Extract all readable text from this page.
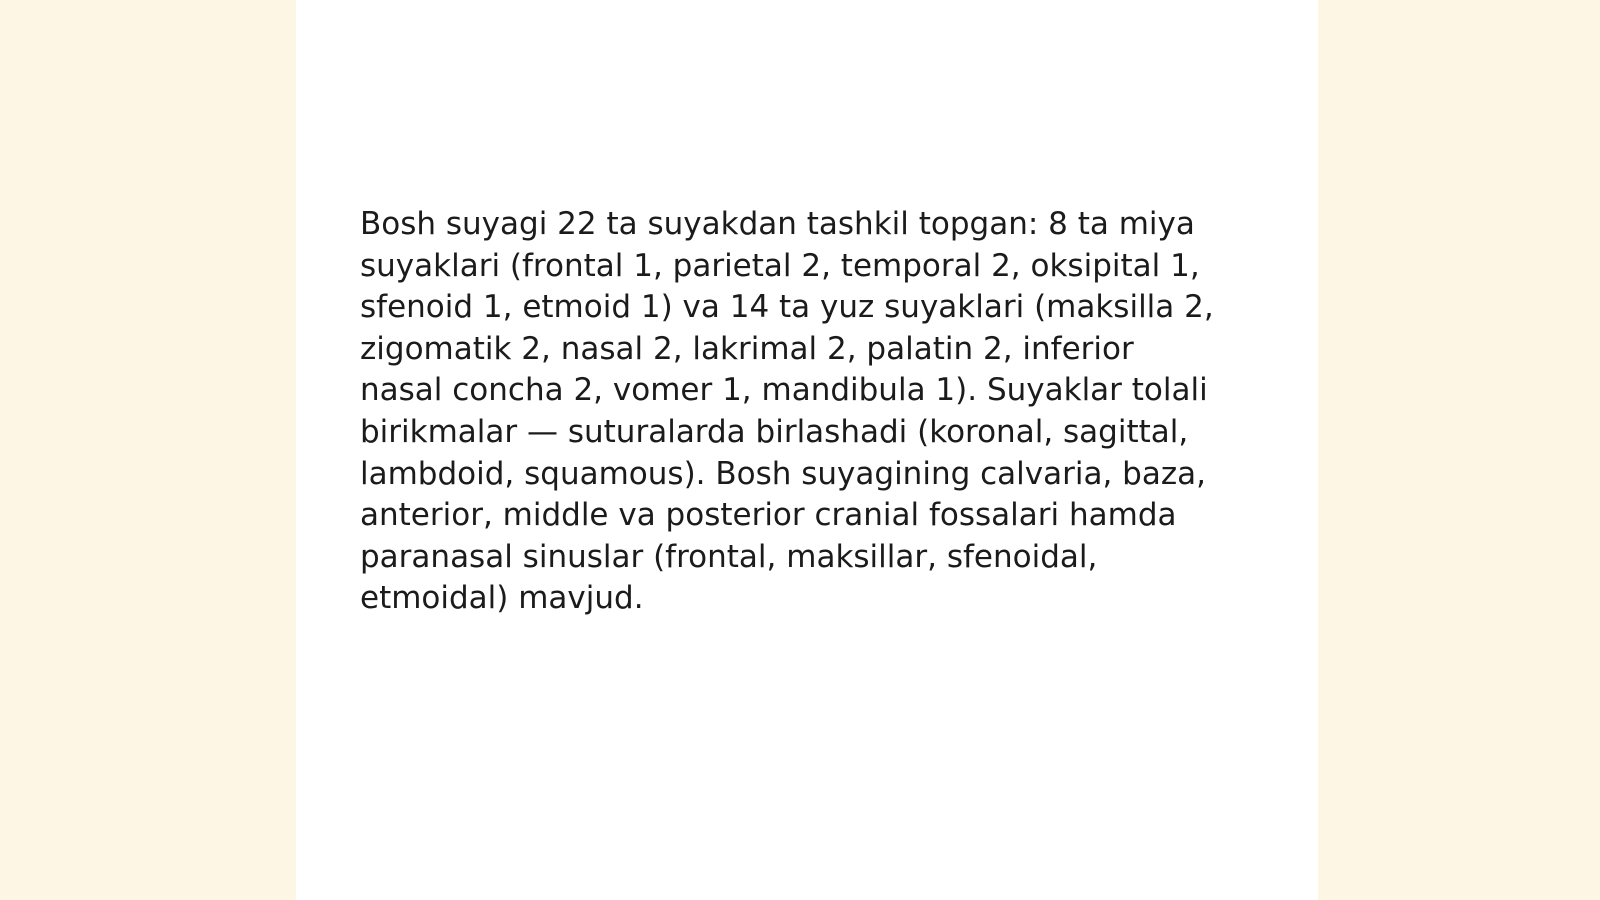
Bosh suyagi 22 ta suyakdan tashkil topgan: 8 ta miya
suyaklari (frontal 1, parietal 2, temporal 2, oksipital 1,
sfenoid 1, etmoid 1) va 14 ta yuz suyaklari (maksilla 2,
zigomatik 2, nasal 2, lakrimal 2, palatin 2, inferior
nasal concha 2, vomer 1, mandibula 1). Suyaklar tolali
birikmalar — suturalarda birlashadi (koronal, sagittal,
lambdoid, squamous). Bosh suyagining calvaria, baza,
anterior, middle va posterior cranial fossalari hamda
paranasal sinuslar (frontal, maksillar, sfenoidal,
etmoidal) mavjud.
